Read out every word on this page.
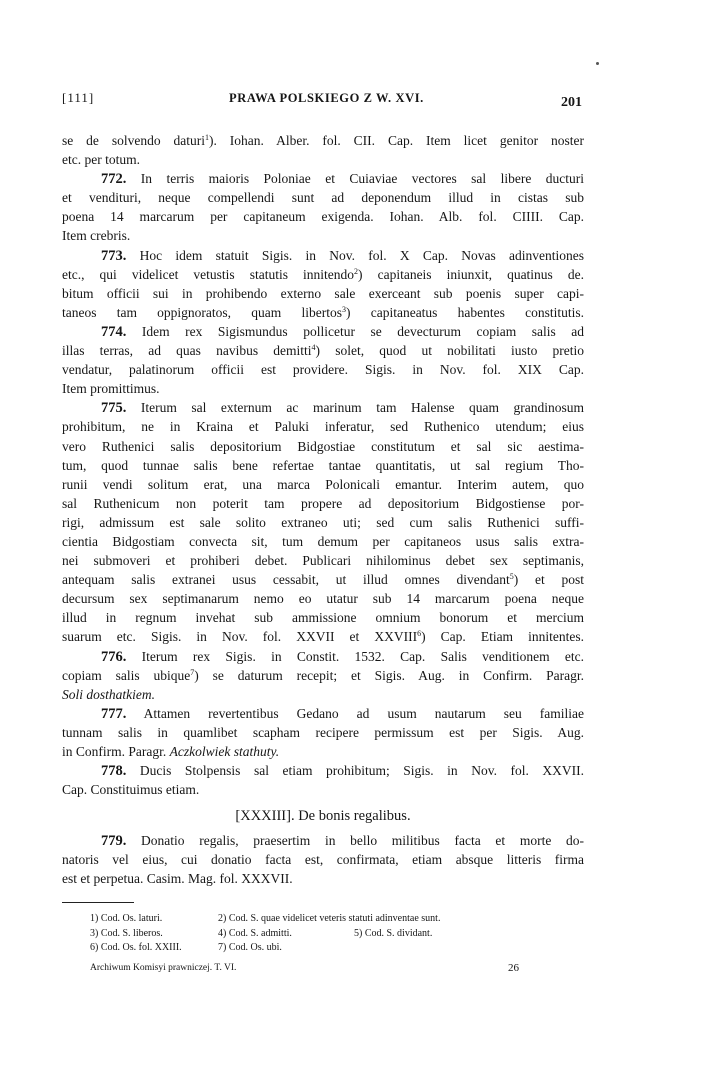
[111]	PRAWA POLSKIEGO Z W. XVI.	201
se de solvendo daturi$^1$). Iohan. Alber. fol. CII. Cap. Item licet genitor noster
etc. per totum.
772. In terris maioris Poloniae et Cuiaviae vectores sal libere ducturi
et vendituri, neque compellendi sunt ad deponendum illud in cistas sub
poena 14 marcarum per capitaneum exigenda. Iohan. Alb. fol. CIIII. Cap.
Item crebris.
773. Hoc idem statuit Sigis. in Nov. fol. X Cap. Novas adinventiones
etc., qui videlicet vetustis statutis innitendo$^2$) capitaneis iniunxit, quatinus de.
bitum officii sui in prohibendo externo sale exerceant sub poenis super capi-
taneos tam oppignoratos, quam libertos$^3$) capitaneatus habentes constitutis.
774. Idem rex Sigismundus pollicetur se devecturum copiam salis ad
illas terras, ad quas navibus demitti$^4$) solet, quod ut nobilitati iusto pretio
vendatur, palatinorum officii est providere. Sigis. in Nov. fol. XIX Cap.
Item promittimus.
775. Iterum sal externum ac marinum tam Halense quam grandinosum
prohibitum, ne in Kraina et Paluki inferatur, sed Ruthenico utendum; eius
vero Ruthenici salis depositorium Bidgostiae constitutum et sal sic aestima-
tum, quod tunnae salis bene refertae tantae quantitatis, ut sal regium Tho-
runii vendi solitum erat, una marca Polonicali emantur. Interim autem, quo
sal Ruthenicum non poterit tam propere ad depositorium Bidgostiense por-
rigi, admissum est sale solito extraneo uti; sed cum salis Ruthenici suffi-
cientia Bidgostiam convecta sit, tum demum per capitaneos usus salis extra-
nei submoveri et prohiberi debet. Publicari nihilominus debet sex septimanis,
antequam salis extranei usus cessabit, ut illud omnes divendant$^5$) et post
decursum sex septimanarum nemo eo utatur sub 14 marcarum poena neque
illud in regnum invehat sub ammissione omnium bonorum et mercium
suarum etc. Sigis. in Nov. fol. XXVII et XXVIII$^6$) Cap. Etiam innitentes.
776. Iterum rex Sigis. in Constit. 1532. Cap. Salis venditionem etc.
copiam salis ubique$^7$) se daturum recepit; et Sigis. Aug. in Confirm. Paragr.
Soli dosthatkiem.
777. Attamen revertentibus Gedano ad usum nautarum seu familiae
tunnam salis in quamlibet scapham recipere permissum est per Sigis. Aug.
in Confirm. Paragr. Aczkolwiek stathuty.
778. Ducis Stolpensis sal etiam prohibitum; Sigis. in Nov. fol. XXVII.
Cap. Constituimus etiam.
[XXXIII]. De bonis regalibus.
779. Donatio regalis, praesertim in bello militibus facta et morte do-
natoris vel eius, cui donatio facta est, confirmata, etiam absque litteris firma
est et perpetua. Casim. Mag. fol. XXXVII.
1) Cod. Os. laturi.	2) Cod. S. quae videlicet veteris statuti adinventae sunt.
3) Cod. S. liberos.	4) Cod. S. admitti.	5) Cod. S. dividant.
6) Cod. Os. fol. XXIII.	7) Cod. Os. ubi.
Archiwum Komisyi prawniczej. T. VI.	26
